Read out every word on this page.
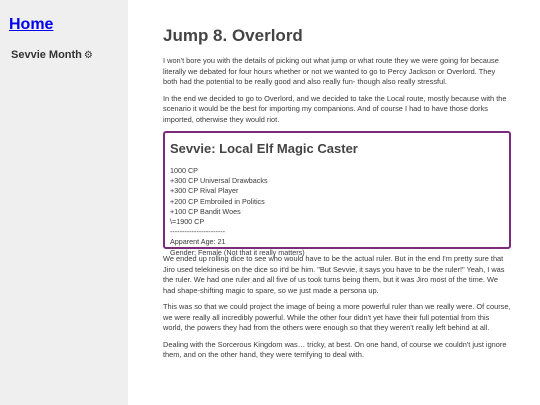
Home
Sevvie Month ⚙
Jump 8. Overlord

I won't bore you with the details of picking out what jump or what route they we were going for because literally we debated for four hours whether or not we wanted to go to Percy Jackson or Overlord. They both had the potential to be really good and also really fun- though also really stressful.

In the end we decided to go to Overlord, and we decided to take the Local route, mostly because with the scenario it would be the best for importing my companions. And of course I had to have those dorks imported, otherwise they would riot.

Sevvie: Local Elf Magic Caster
1000 CP
+300 CP Universal Drawbacks
+300 CP Rival Player
+200 CP Embroiled in Politics
+100 CP Bandit Woes
\=1900 CP
-----------------------
Apparent Age: 21
Gender: Female (Not that it really matters)

We ended up rolling dice to see who would have to be the actual ruler. But in the end I'm pretty sure that Jiro used telekinesis on the dice so it'd be him. "But Sevvie, it says you have to be the ruler!" Yeah, I was the ruler. We had one ruler and all five of us took turns being them, but it was Jiro most of the time. We had shape-shifting magic to spare, so we just made a persona up.

This was so that we could project the image of being a more powerful ruler than we really were. Of course, we were really all incredibly powerful. While the other four didn't yet have their full potential from this world, the powers they had from the others were enough so that they weren't really left behind at all.

Dealing with the Sorcerous Kingdom was… tricky, at best. On one hand, of course we couldn't just ignore them, and on the other hand, they were terrifying to deal with.
